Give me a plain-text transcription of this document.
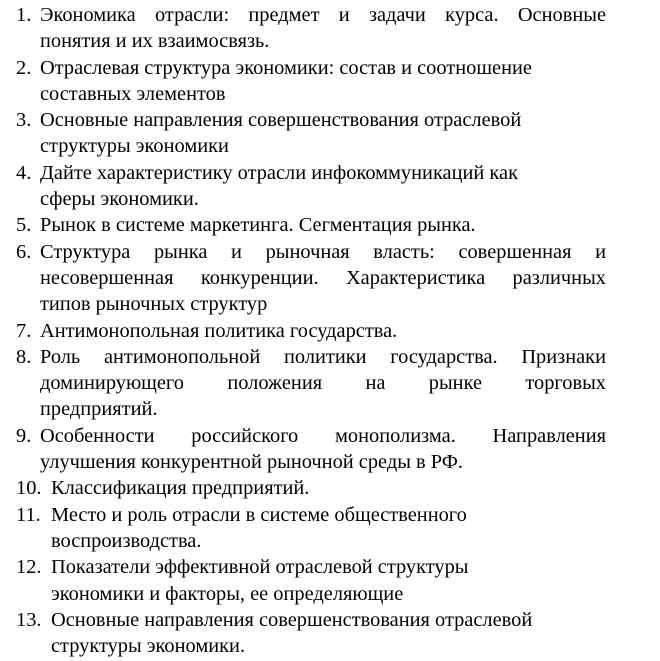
1. Экономика отрасли: предмет и задачи курса. Основные
понятия и их взаимосвязь.
2. Отраслевая структура экономики: состав и соотношение
составных элементов
3. Основные направления совершенствования отраслевой
структуры экономики
4. Дайте характеристику отрасли инфокоммуникаций как
сферы экономики.
5. Рынок в системе маркетинга. Сегментация рынка.
6. Структура рынка и рыночная власть: совершенная и
несовершенная конкуренции. Характеристика различных
типов рыночных структур
7. Антимонопольная политика государства.
8. Роль антимонопольной политики государства. Признаки
доминирующего положения на рынке торговых
предприятий.
9. Особенности российского монополизма. Направления
улучшения конкурентной рыночной среды в РФ.
10. Классификация предприятий.
11. Место и роль отрасли в системе общественного
воспроизводства.
12. Показатели эффективной отраслевой структуры
экономики и факторы, ее определяющие
13. Основные направления совершенствования отраслевой
структуры экономики.
